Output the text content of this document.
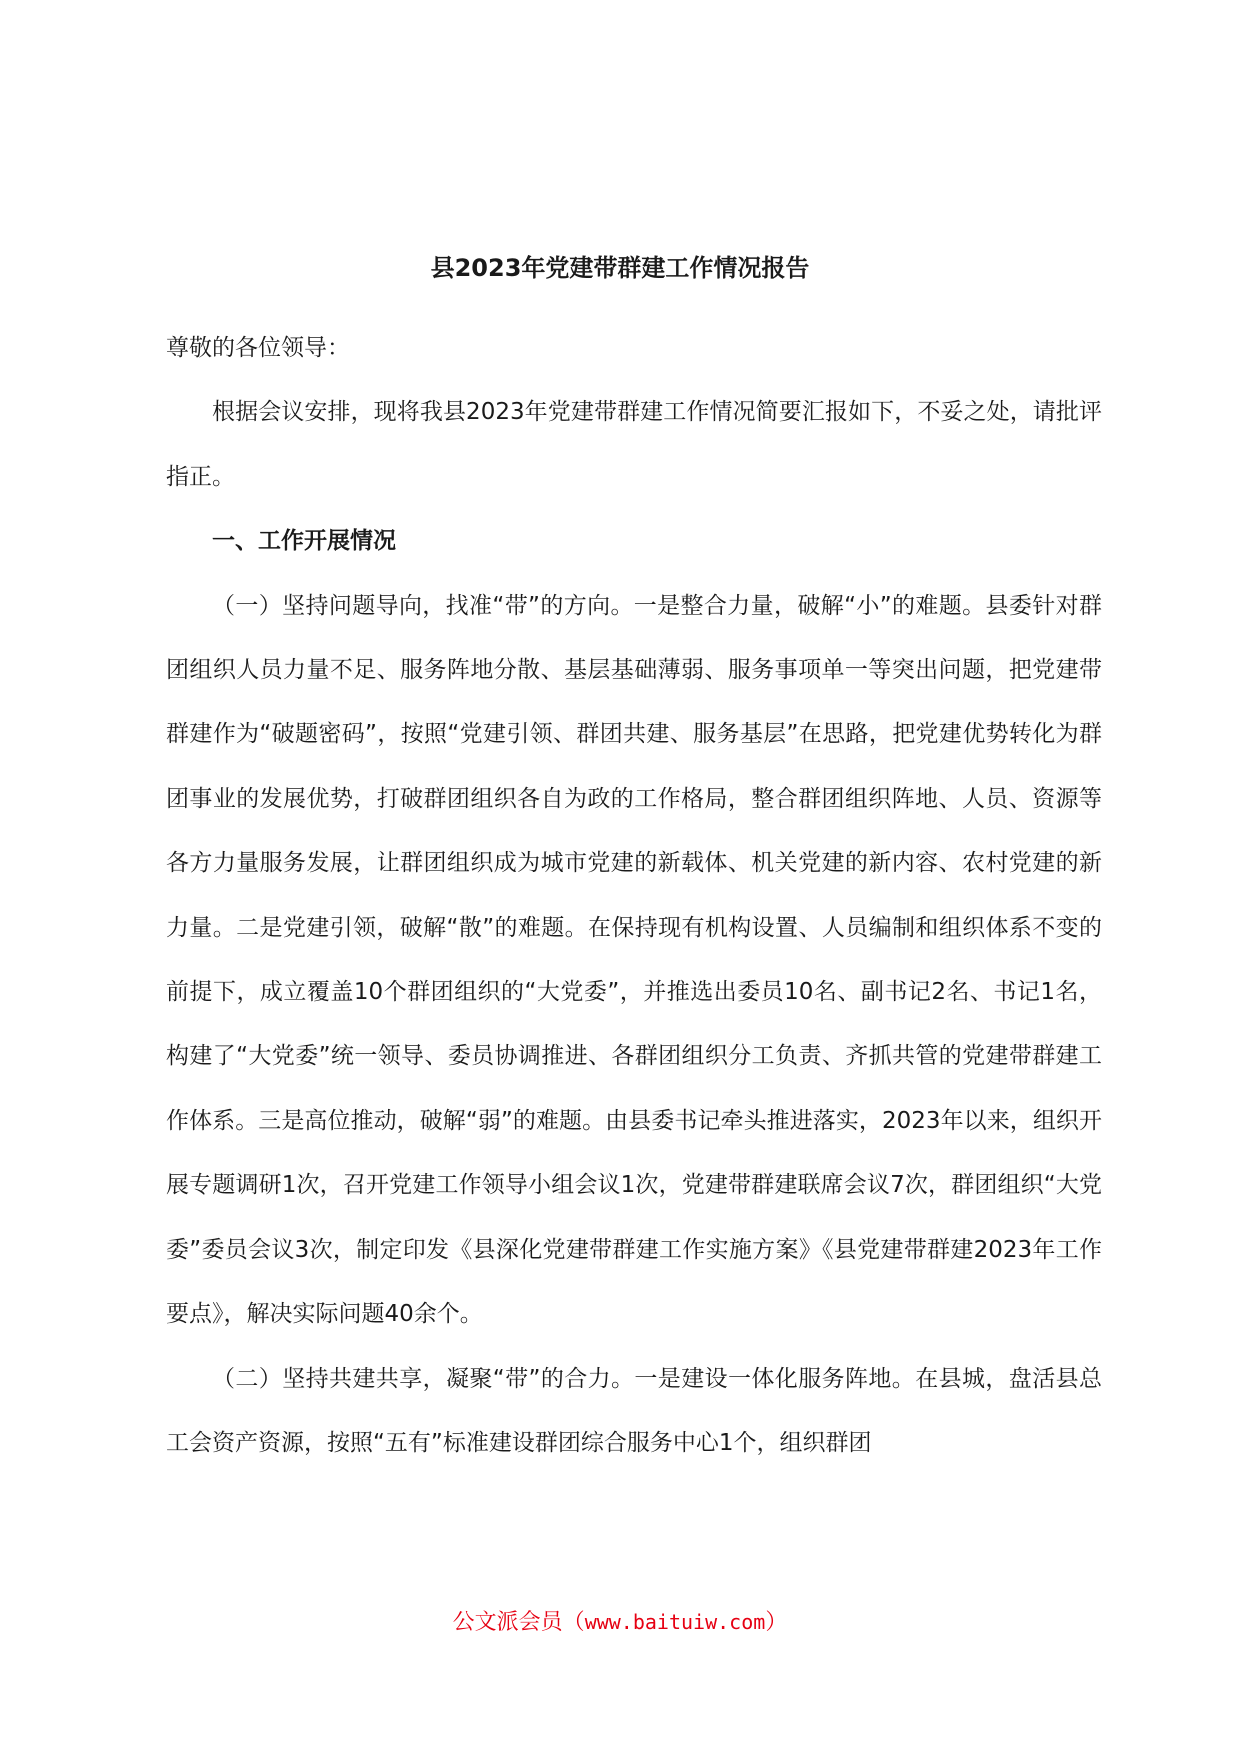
县2023年党建带群建工作情况报告

尊敬的各位领导：

根据会议安排，现将我县2023年党建带群建工作情况简要汇报如下，不妥之处，请批评指正。

一、工作开展情况

（一）坚持问题导向，找准“带”的方向。一是整合力量，破解“小”的难题。县委针对群团组织人员力量不足、服务阵地分散、基层基础薄弱、服务事项单一等突出问题，把党建带群建作为“破题密码”，按照“党建引领、群团共建、服务基层”在思路，把党建优势转化为群团事业的发展优势，打破群团组织各自为政的工作格局，整合群团组织阵地、人员、资源等各方力量服务发展，让群团组织成为城市党建的新载体、机关党建的新内容、农村党建的新力量。二是党建引领，破解“散”的难题。在保持现有机构设置、人员编制和组织体系不变的前提下，成立覆盖10个群团组织的“大党委”，并推选出委员10名、副书记2名、书记1名，构建了“大党委”统一领导、委员协调推进、各群团组织分工负责、齐抓共管的党建带群建工作体系。三是高位推动，破解“弱”的难题。由县委书记牵头推进落实，2023年以来，组织开展专题调研1次，召开党建工作领导小组会议1次，党建带群建联席会议7次，群团组织“大党委”委员会议3次，制定印发《县深化党建带群建工作实施方案》《县党建带群建2023年工作要点》，解决实际问题40余个。

（二）坚持共建共享，凝聚“带”的合力。一是建设一体化服务阵地。在县城，盘活县总工会资产资源，按照“五有”标准建设群团综合服务中心1个，组织群团

公文派会员（www.baituiw.com）
